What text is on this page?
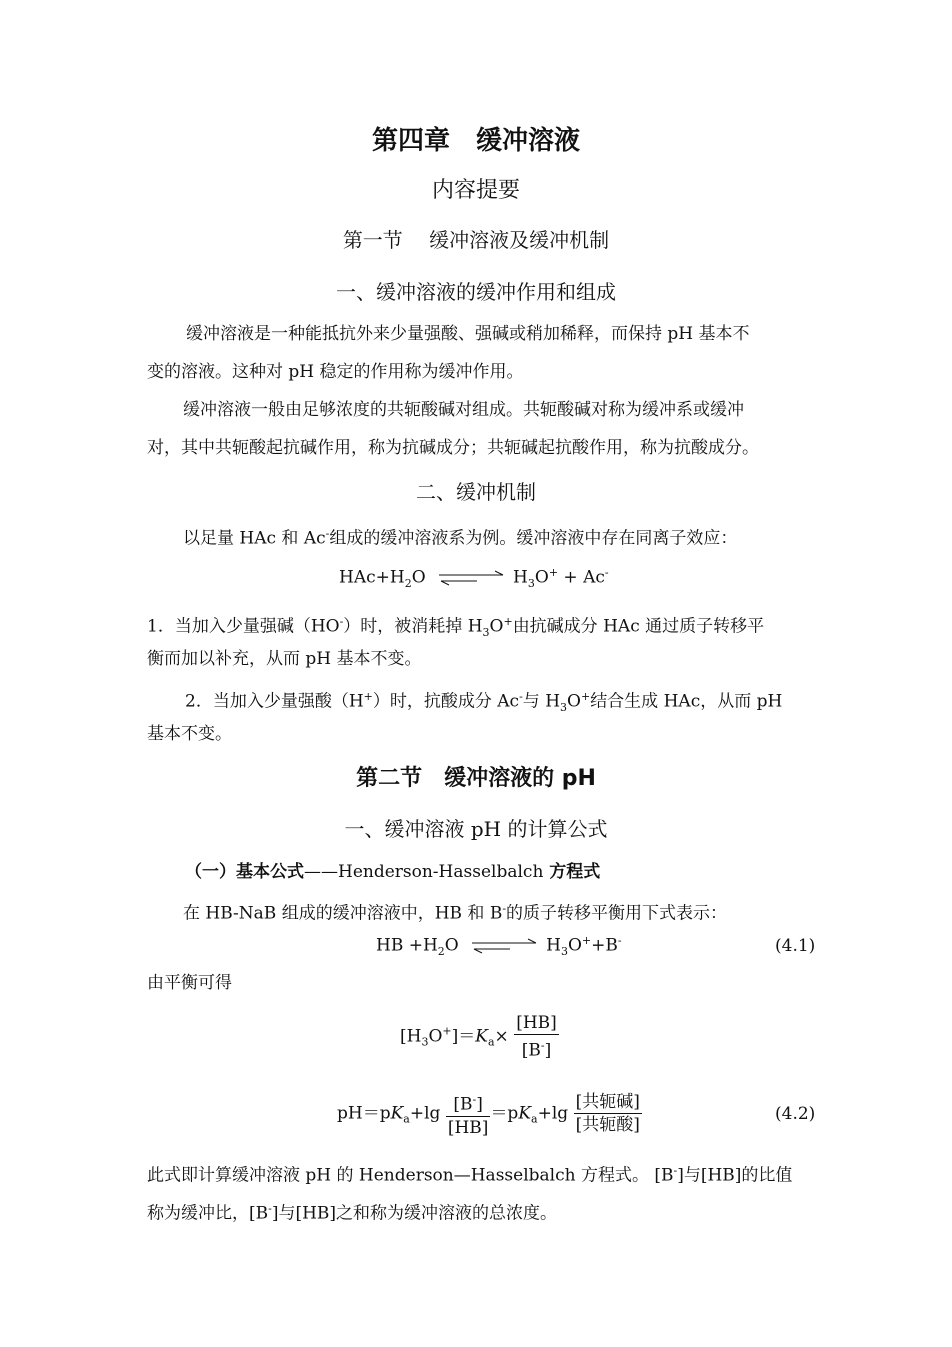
第四章　缓冲溶液
内容提要
第一节　 缓冲溶液及缓冲机制
一、缓冲溶液的缓冲作用和组成
缓冲溶液是一种能抵抗外来少量强酸、强碱或稍加稀释，而保持 pH 基本不
变的溶液。这种对 pH 稳定的作用称为缓冲作用。
缓冲溶液一般由足够浓度的共轭酸碱对组成。共轭酸碱对称为缓冲系或缓冲
对，其中共轭酸起抗碱作用，称为抗碱成分；共轭碱起抗酸作用，称为抗酸成分。
二、缓冲机制
以足量 HAc 和 Ac-组成的缓冲溶液系为例。缓冲溶液中存在同离子效应：
$HAc+H_2O$	$H_3O^+ + Ac^-$
1．当加入少量强碱（HO-）时，被消耗掉 $H_3O^+$由抗碱成分 HAc 通过质子转移平
衡而加以补充，从而 pH 基本不变。
2．当加入少量强酸（H+）时，抗酸成分 Ac-与 $H_3O^+$结合生成 HAc，从而 pH
基本不变。
第二节　缓冲溶液的 pH
一、缓冲溶液 pH 的计算公式
（一）基本公式——Henderson-Hasselbalch 方程式
在 HB-NaB 组成的缓冲溶液中，HB 和 B-的质子转移平衡用下式表示：
HB $+H_2O$	$H_3O^++B^-$	(4.1)
由平衡可得
$[H_3O^+]=K_a\times \frac{[HB]}{[B^-]}$
$pH=pK_a+\lg \frac{[B^-]}{[HB]} =pK_a+\lg \frac{\text{[共轭碱]}}{\text{[共轭酸]}}$	(4.2)
此式即计算缓冲溶液 pH 的 Henderson—Hasselbalch 方程式。 [B-]与[HB]的比值
称为缓冲比，[B-]与[HB]之和称为缓冲溶液的总浓度。
